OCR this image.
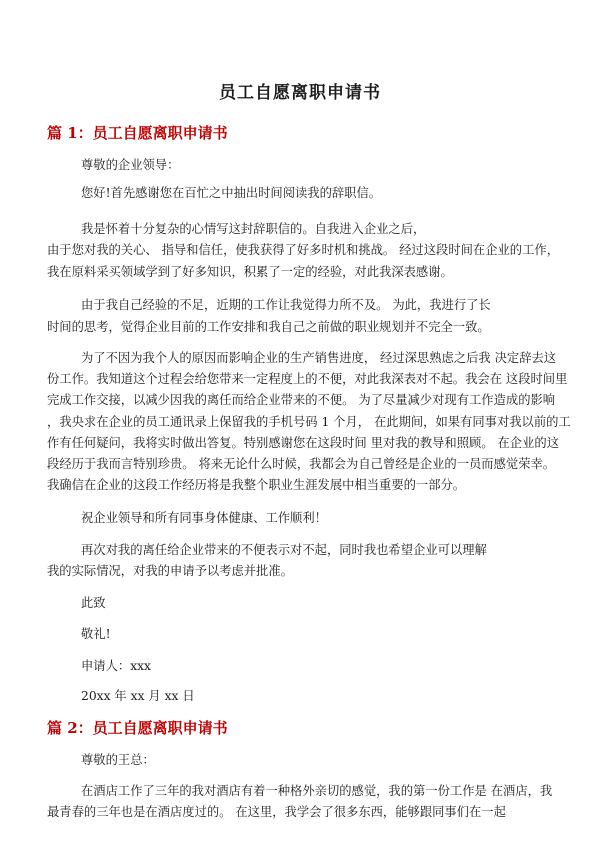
员工自愿离职申请书
篇 1：员工自愿离职申请书
尊敬的企业领导：
您好!首先感谢您在百忙之中抽出时间阅读我的辞职信。
我是怀着十分复杂的心情写这封辞职信的。自我进入企业之后，
由于您对我的关心、 指导和信任，使我获得了好多时机和挑战。 经过这段时间在企业的工作，
我在原料采买领域学到了好多知识，积累了一定的经验，对此我深表感谢。
由于我自己经验的不足，近期的工作让我觉得力所不及。 为此，我进行了长
时间的思考，觉得企业目前的工作安排和我自己之前做的职业规划并不完全一致。
为了不因为我个人的原因而影响企业的生产销售进度， 经过深思熟虑之后我 决定辞去这
份工作。我知道这个过程会给您带来一定程度上的不便，对此我深表对不起。我会在 这段时间里
完成工作交接，以减少因我的离任而给企业带来的不便。 为了尽量减少对现有工作造成的影响
，我央求在企业的员工通讯录上保留我的手机号码 1 个月， 在此期间，如果有同事对我以前的工
作有任何疑问，我将实时做出答复。特别感谢您在这段时间 里对我的教导和照顾。 在企业的这
段经历于我而言特别珍贵。 将来无论什么时候，我都会为自己曾经是企业的一员而感觉荣幸。
我确信在企业的这段工作经历将是我整个职业生涯发展中相当重要的一部分。
祝企业领导和所有同事身体健康、工作顺利！
再次对我的离任给企业带来的不便表示对不起，同时我也希望企业可以理解
我的实际情况，对我的申请予以考虑并批准。
此致
敬礼!
申请人：xxx
20xx 年 xx 月 xx 日
篇 2：员工自愿离职申请书
尊敬的王总：
在酒店工作了三年的我对酒店有着一种格外亲切的感觉，我的第一份工作是 在酒店，我
最青春的三年也是在酒店度过的。 在这里，我学会了很多东西，能够跟同事们在一起
